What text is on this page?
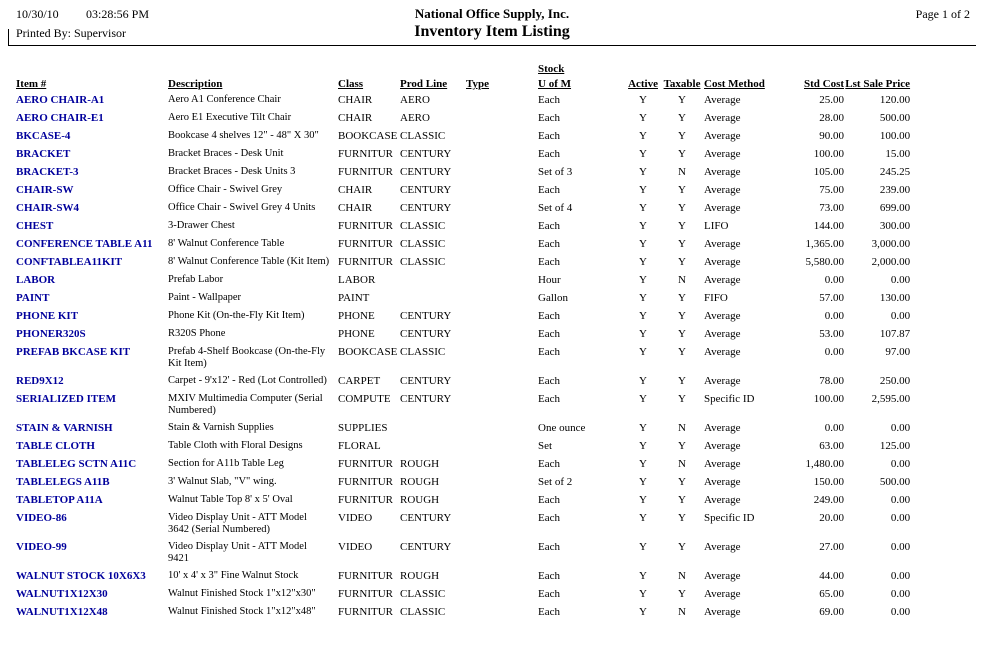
10/30/10 03:28:56 PM	National Office Supply, Inc.	Page 1 of 2
Printed By: Supervisor	Inventory Item Listing
					Stock					
Item #	Description	Class	Prod Line	Type	U of M	Active	Taxable	Cost Method	Std Cost	Lst Sale Price
AERO CHAIR-A1	Aero A1 Conference Chair	CHAIR	AERO		Each	Y	Y	Average	25.00	120.00
AERO CHAIR-E1	Aero E1 Executive Tilt Chair	CHAIR	AERO		Each	Y	Y	Average	28.00	500.00
BKCASE-4	Bookcase 4 shelves 12" - 48" X 30"	BOOKCASE	CLASSIC		Each	Y	Y	Average	90.00	100.00
BRACKET	Bracket Braces - Desk Unit	FURNITUR	CENTURY		Each	Y	Y	Average	100.00	15.00
BRACKET-3	Bracket Braces - Desk Units 3	FURNITUR	CENTURY		Set of 3	Y	N	Average	105.00	245.25
CHAIR-SW	Office Chair - Swivel Grey	CHAIR	CENTURY		Each	Y	Y	Average	75.00	239.00
CHAIR-SW4	Office Chair - Swivel Grey 4 Units	CHAIR	CENTURY		Set of 4	Y	Y	Average	73.00	699.00
CHEST	3-Drawer Chest	FURNITUR	CLASSIC		Each	Y	Y	LIFO	144.00	300.00
CONFERENCE TABLE A11	8' Walnut Conference Table	FURNITUR	CLASSIC		Each	Y	Y	Average	1,365.00	3,000.00
CONFTABLEA11KIT	8' Walnut Conference Table (Kit Item)	FURNITUR	CLASSIC		Each	Y	Y	Average	5,580.00	2,000.00
LABOR	Prefab Labor	LABOR			Hour	Y	N	Average	0.00	0.00
PAINT	Paint - Wallpaper	PAINT			Gallon	Y	Y	FIFO	57.00	130.00
PHONE KIT	Phone Kit (On-the-Fly Kit Item)	PHONE	CENTURY		Each	Y	Y	Average	0.00	0.00
PHONER320S	R320S Phone	PHONE	CENTURY		Each	Y	Y	Average	53.00	107.87
PREFAB BKCASE KIT	Prefab 4-Shelf Bookcase (On-the-Fly Kit Item)	BOOKCASE	CLASSIC		Each	Y	Y	Average	0.00	97.00
RED9X12	Carpet - 9'x12' - Red (Lot Controlled)	CARPET	CENTURY		Each	Y	Y	Average	78.00	250.00
SERIALIZED ITEM	MXIV Multimedia Computer (Serial Numbered)	COMPUTE	CENTURY		Each	Y	Y	Specific ID	100.00	2,595.00
STAIN & VARNISH	Stain & Varnish Supplies	SUPPLIES			One ounce	Y	N	Average	0.00	0.00
TABLE CLOTH	Table Cloth with Floral Designs	FLORAL			Set	Y	Y	Average	63.00	125.00
TABLELEG SCTN A11C	Section for A11b Table Leg	FURNITUR	ROUGH		Each	Y	N	Average	1,480.00	0.00
TABLELEGS A11B	3' Walnut Slab, "V" wing.	FURNITUR	ROUGH		Set of 2	Y	Y	Average	150.00	500.00
TABLETOP A11A	Walnut Table Top 8' x 5' Oval	FURNITUR	ROUGH		Each	Y	Y	Average	249.00	0.00
VIDEO-86	Video Display Unit - ATT Model 3642 (Serial Numbered)	VIDEO	CENTURY		Each	Y	Y	Specific ID	20.00	0.00
VIDEO-99	Video Display Unit - ATT Model 9421	VIDEO	CENTURY		Each	Y	Y	Average	27.00	0.00
WALNUT STOCK 10X6X3	10' x 4' x 3" Fine Walnut Stock	FURNITUR	ROUGH		Each	Y	N	Average	44.00	0.00
WALNUT1X12X30	Walnut Finished Stock 1"x12"x30"	FURNITUR	CLASSIC		Each	Y	Y	Average	65.00	0.00
WALNUT1X12X48	Walnut Finished Stock 1"x12"x48"	FURNITUR	CLASSIC		Each	Y	N	Average	69.00	0.00
